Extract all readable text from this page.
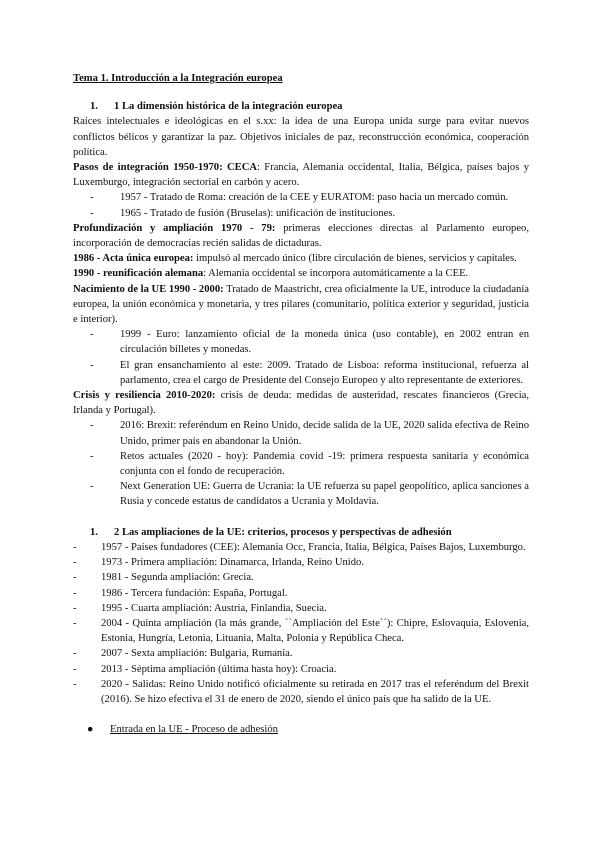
Tema 1. Introducción a la Integración europea
1. 1 La dimensión histórica de la integración europea

Raíces intelectuales e ideológicas en el s.xx: la idea de una Europa unida surge para evitar nuevos conflictos bélicos y garantizar la paz. Objetivos iniciales de paz, reconstrucción económica, cooperación política.

Pasos de integración 1950-1970: CECA: Francia, Alemania occidental, Italia, Bélgica, países bajos y Luxemburgo, integración sectorial en carbón y acero.

- 1957 - Tratado de Roma: creación de la CEE y EURATOM: paso hacia un mercado común.
- 1965 - Tratado de fusión (Bruselas): unificación de instituciones.

Profundización y ampliación 1970 - 79: primeras elecciones directas al Parlamento europeo, incorporación de democracias recién salidas de dictaduras.

1986 - Acta única europea: impulsó al mercado único (libre circulación de bienes, servicios y capitales.

1990 - reunificación alemana: Alemania occidental se incorpora automáticamente a la CEE.

Nacimiento de la UE 1990 - 2000: Tratado de Maastricht, crea oficialmente la UE, introduce la ciudadanía europea, la unión económica y monetaria, y tres pilares (comunitario, política exterior y seguridad, justicia e interior).

- 1999 - Euro: lanzamiento oficial de la moneda única (uso contable), en 2002 entran en circulación billetes y monedas.
- El gran ensanchamiento al este: 2009. Tratado de Lisboa: reforma institucional, refuerza al parlamento, crea el cargo de Presidente del Consejo Europeo y alto representante de exteriores.

Crisis y resiliencia 2010-2020: crisis de deuda: medidas de austeridad, rescates financieros (Grecia, Irlanda y Portugal).

- 2016: Brexit: referéndum en Reino Unido, decide salida de la UE, 2020 salida efectiva de Reino Unido, primer país en abandonar la Unión.
- Retos actuales (2020 - hoy): Pandemia covid -19: primera respuesta sanitaria y económica conjunta con el fondo de recuperación.
- Next Generation UE: Guerra de Ucrania: la UE refuerza su papel geopolítico, aplica sanciones a Rusia y concede estatus de candidatos a Ucrania y Moldavia.
1. 2 Las ampliaciones de la UE: criterios, procesos y perspectivas de adhesión
- 1957 - Países fundadores (CEE): Alemania Occ, Francia, Italia, Bélgica, Países Bajos, Luxemburgo.
- 1973 - Primera ampliación: Dinamarca, Irlanda, Reino Unido.
- 1981 - Segunda ampliación: Grecia.
- 1986 - Tercera fundación: España, Portugal.
- 1995 - Cuarta ampliación: Austria, Finlandia, Suecia.
- 2004 - Quinta ampliación (la más grande, ``Ampliación del Este´´): Chipre, Eslovaquia, Eslovenia, Estonia, Hungría, Letonia, Lituania, Malta, Polonia y República Checa.
- 2007 - Sexta ampliación: Bulgaria, Rumanía.
- 2013 - Séptima ampliación (última hasta hoy): Croacia.
- 2020 - Salidas: Reino Unido notificó oficialmente su retirada en 2017 tras el referéndum del Brexit (2016). Se hizo efectiva el 31 de enero de 2020, siendo el único país que ha salido de la UE.
● Entrada en la UE - Proceso de adhesión
